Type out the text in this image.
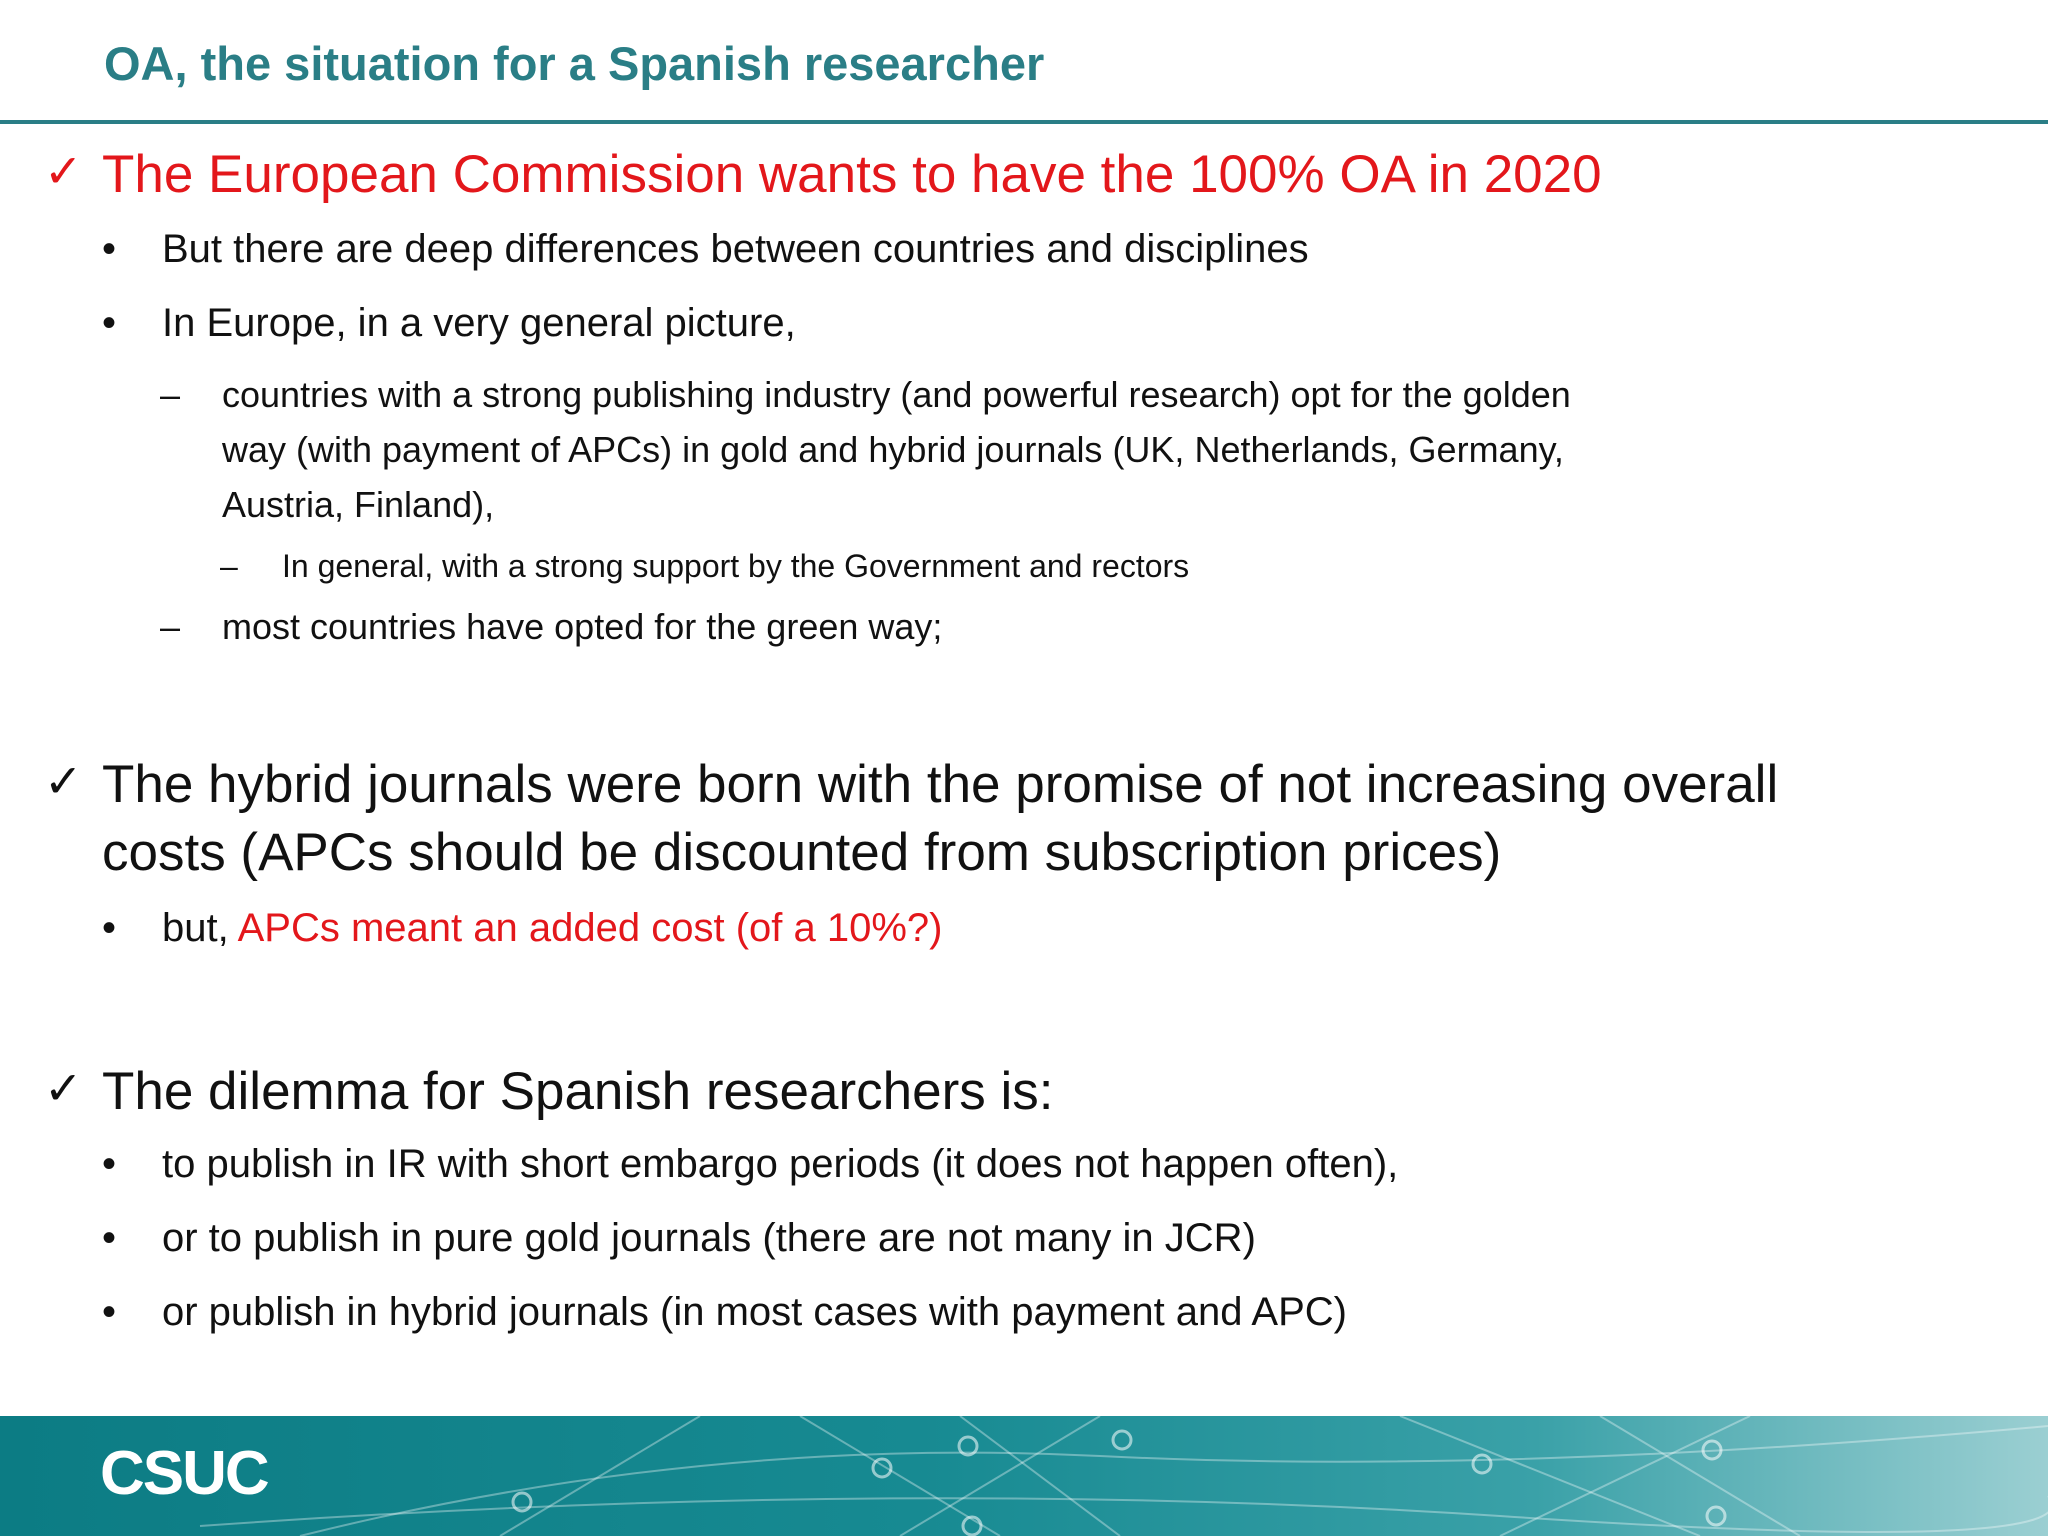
OA, the situation for a Spanish researcher
✓ The European Commission wants to have the 100% OA in 2020
• But there are deep differences between countries and disciplines
• In Europe, in a very general picture,
– countries with a strong publishing industry (and powerful research) opt for the golden
way (with payment of APCs) in gold and hybrid journals (UK, Netherlands, Germany,
Austria, Finland),
– In general, with a strong support by the Government and rectors
– most countries have opted for the green way;
✓ The hybrid journals were born with the promise of not increasing overall
costs (APCs should be discounted from subscription prices)
• but, APCs meant an added cost (of a 10%?)
✓ The dilemma for Spanish researchers is:
• to publish in IR with short embargo periods (it does not happen often),
• or to publish in pure gold journals (there are not many in JCR)
• or publish in hybrid journals (in most cases with payment and APC)
CSUC
